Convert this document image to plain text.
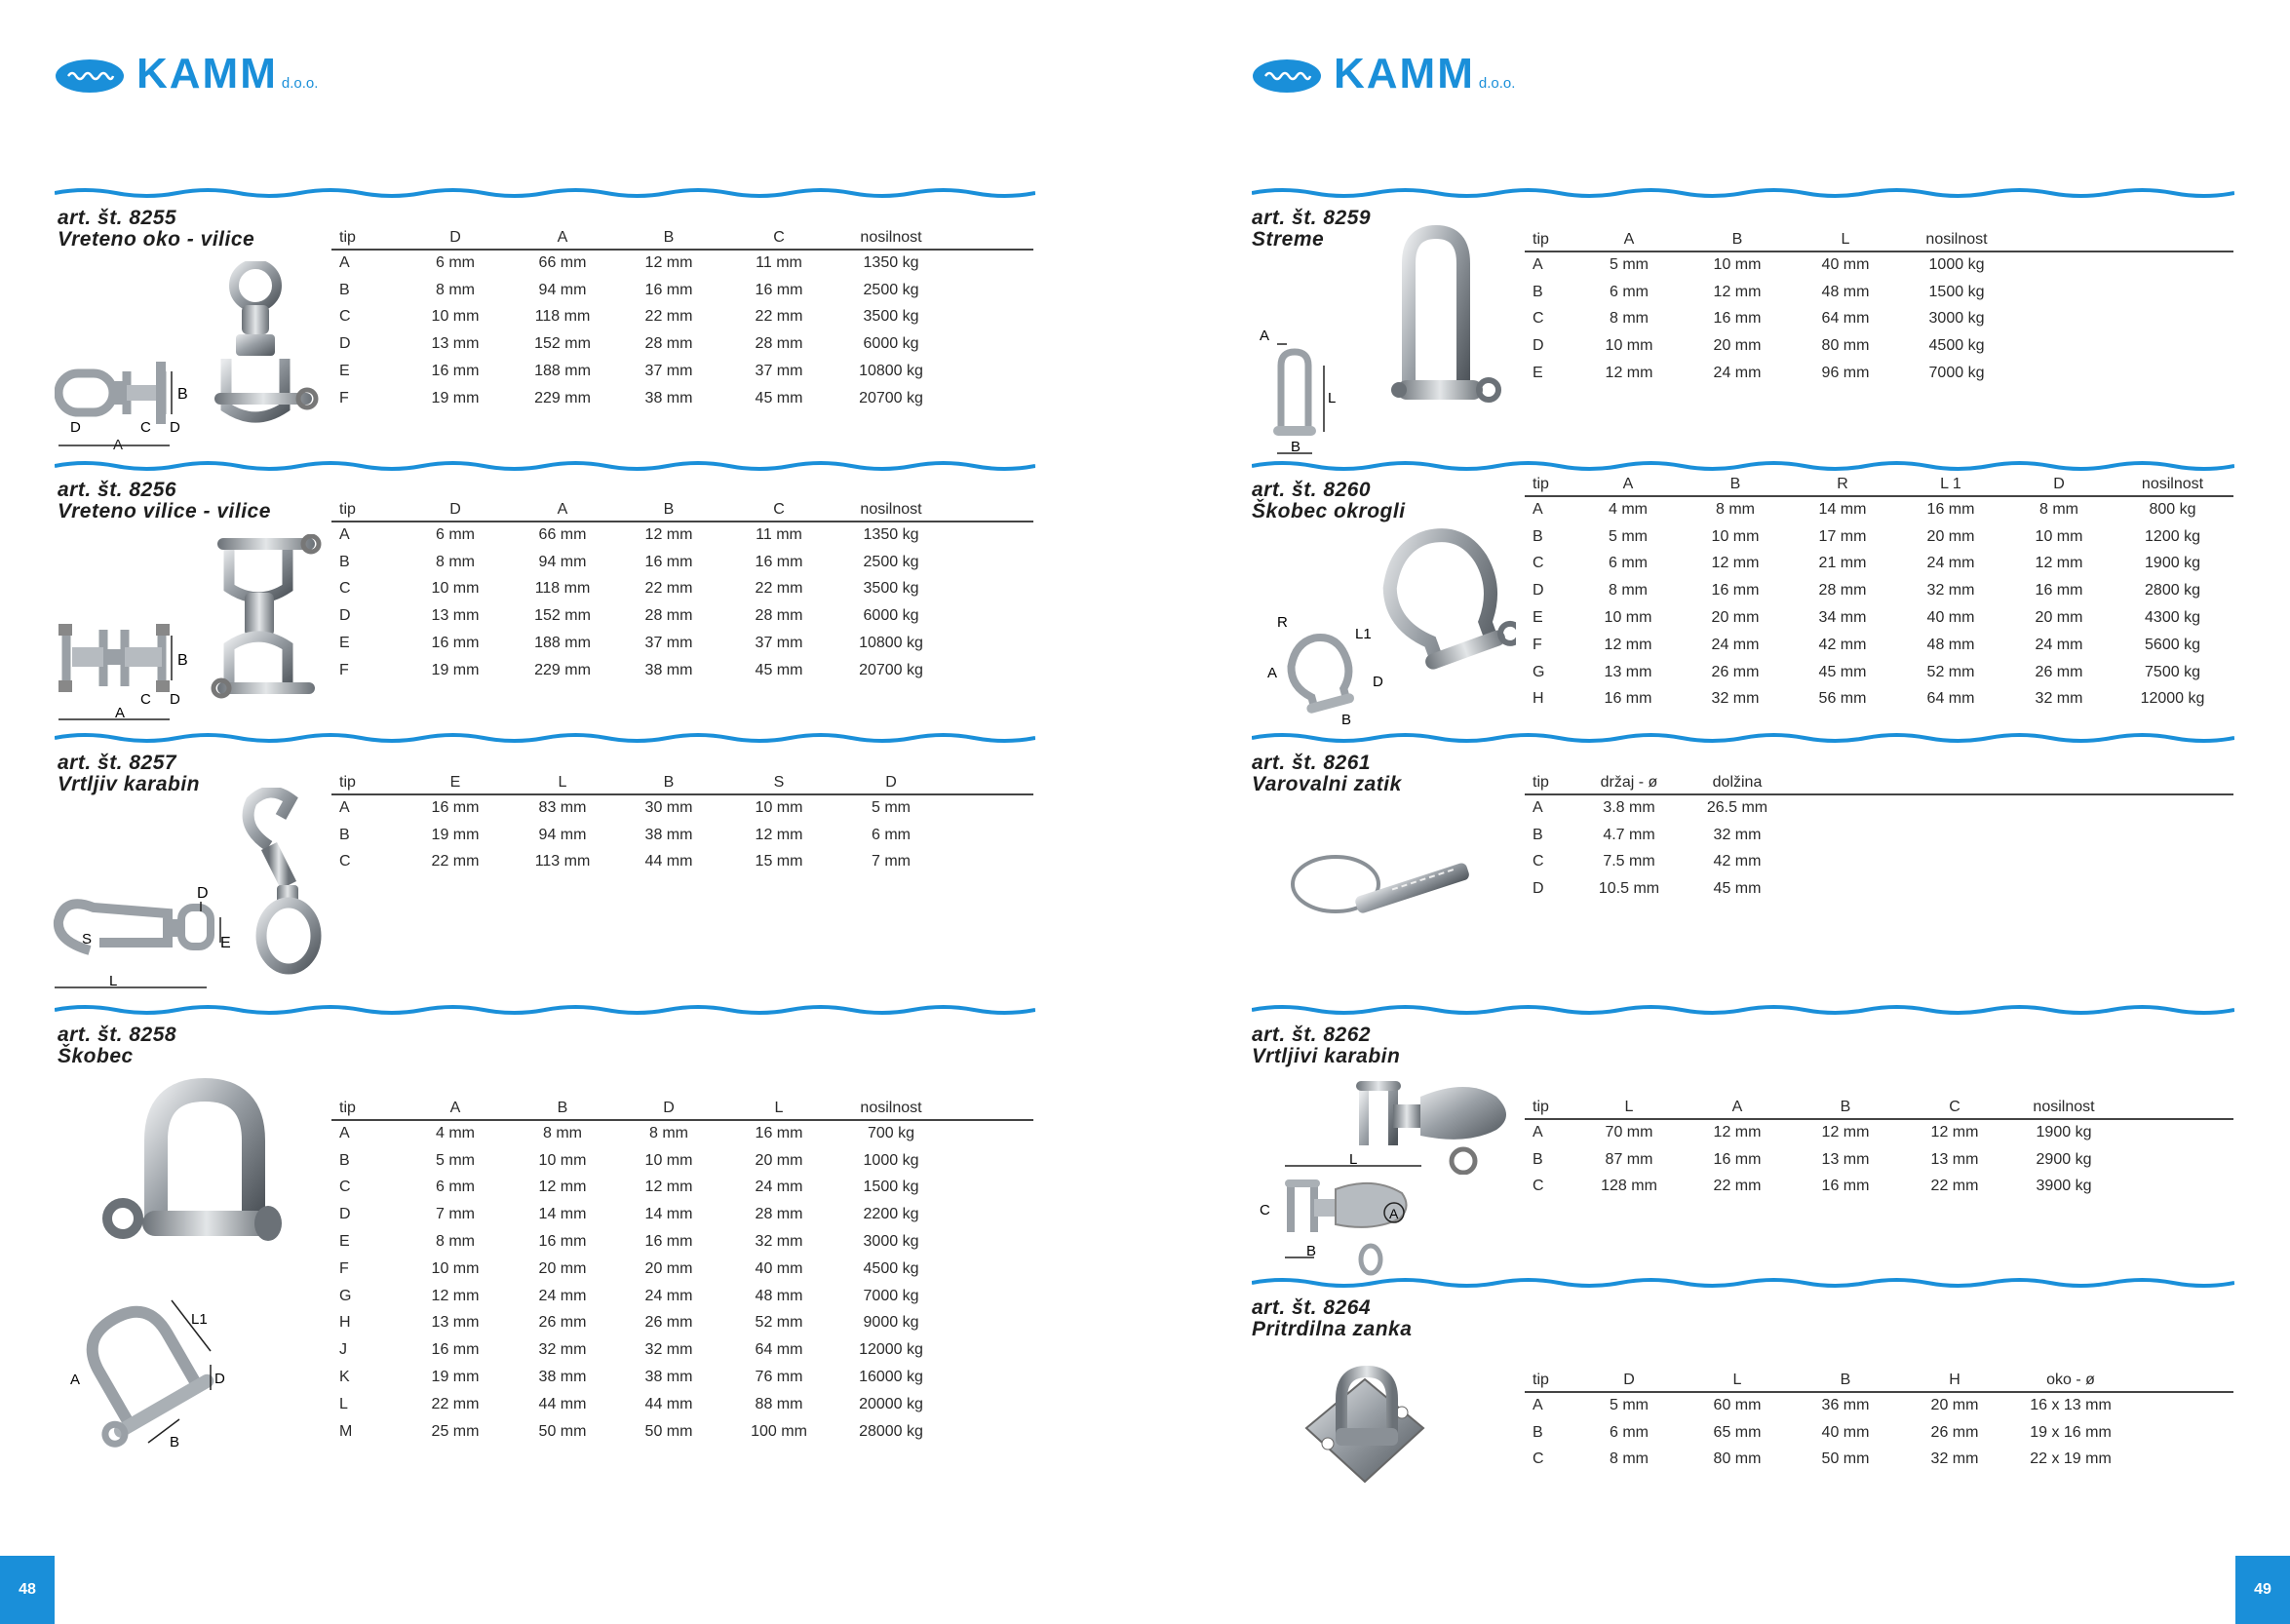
KAMM d.o.o.	KAMM d.o.o.
art. št. 8255
Vreteno oko - vilice
B
D	C D
A
tip	D	A	B	C	nosilnost	
A	6 mm	66 mm	12 mm	11 mm	1350 kg	
B	8 mm	94 mm	16 mm	16 mm	2500 kg	
C	10 mm	118 mm	22 mm	22 mm	3500 kg	
D	13 mm	152 mm	28 mm	28 mm	6000 kg	
E	16 mm	188 mm	37 mm	37 mm	10800 kg	
F	19 mm	229 mm	38 mm	45 mm	20700 kg	
art. št. 8256
Vreteno vilice - vilice
B
C D
A
tip	D	A	B	C	nosilnost	
A	6 mm	66 mm	12 mm	11 mm	1350 kg	
B	8 mm	94 mm	16 mm	16 mm	2500 kg	
C	10 mm	118 mm	22 mm	22 mm	3500 kg	
D	13 mm	152 mm	28 mm	28 mm	6000 kg	
E	16 mm	188 mm	37 mm	37 mm	10800 kg	
F	19 mm	229 mm	38 mm	45 mm	20700 kg	
art. št. 8257
Vrtljiv karabin
D
S	E
L
tip	E	L	B	S	D	
A	16 mm	83 mm	30 mm	10 mm	5 mm	
B	19 mm	94 mm	38 mm	12 mm	6 mm	
C	22 mm	113 mm	44 mm	15 mm	7 mm	
art. št. 8258
Škobec
L1
A	D
B
tip	A	B	D	L	nosilnost	
A	4 mm	8 mm	8 mm	16 mm	700 kg	
B	5 mm	10 mm	10 mm	20 mm	1000 kg	
C	6 mm	12 mm	12 mm	24 mm	1500 kg	
D	7 mm	14 mm	14 mm	28 mm	2200 kg	
E	8 mm	16 mm	16 mm	32 mm	3000 kg	
F	10 mm	20 mm	20 mm	40 mm	4500 kg	
G	12 mm	24 mm	24 mm	48 mm	7000 kg	
H	13 mm	26 mm	26 mm	52 mm	9000 kg	
J	16 mm	32 mm	32 mm	64 mm	12000 kg	
K	19 mm	38 mm	38 mm	76 mm	16000 kg	
L	22 mm	44 mm	44 mm	88 mm	20000 kg	
M	25 mm	50 mm	50 mm	100 mm	28000 kg	
art. št. 8259
Streme
A
L
B
tip	A	B	L	nosilnost	
A	5 mm	10 mm	40 mm	1000 kg	
B	6 mm	12 mm	48 mm	1500 kg	
C	8 mm	16 mm	64 mm	3000 kg	
D	10 mm	20 mm	80 mm	4500 kg	
E	12 mm	24 mm	96 mm	7000 kg	
art. št. 8260
Škobec okrogli
R
L1
A
D
B
tip	A	B	R	L 1	D	nosilnost
A	4 mm	8 mm	14 mm	16 mm	8 mm	800 kg
B	5 mm	10 mm	17 mm	20 mm	10 mm	1200 kg
C	6 mm	12 mm	21 mm	24 mm	12 mm	1900 kg
D	8 mm	16 mm	28 mm	32 mm	16 mm	2800 kg
E	10 mm	20 mm	34 mm	40 mm	20 mm	4300 kg
F	12 mm	24 mm	42 mm	48 mm	24 mm	5600 kg
G	13 mm	26 mm	45 mm	52 mm	26 mm	7500 kg
H	16 mm	32 mm	56 mm	64 mm	32 mm	12000 kg
art. št. 8261
Varovalni zatik	tip	držaj - ø	dolžina	
A	3.8 mm	26.5 mm	
B	4.7 mm	32 mm	
C	7.5 mm	42 mm	
D	10.5 mm	45 mm	
art. št. 8262
Vrtljivi karabin
L
C	A
B
tip	L	A	B	C	nosilnost	
A	70 mm	12 mm	12 mm	12 mm	1900 kg	
B	87 mm	16 mm	13 mm	13 mm	2900 kg	
C	128 mm	22 mm	16 mm	22 mm	3900 kg	
art. št. 8264
Pritrdilna zanka
tip	D	L	B	H	oko - ø	
A	5 mm	60 mm	36 mm	20 mm	16 x 13 mm	
B	6 mm	65 mm	40 mm	26 mm	19 x 16 mm	
C	8 mm	80 mm	50 mm	32 mm	22 x 19 mm	
48	49
